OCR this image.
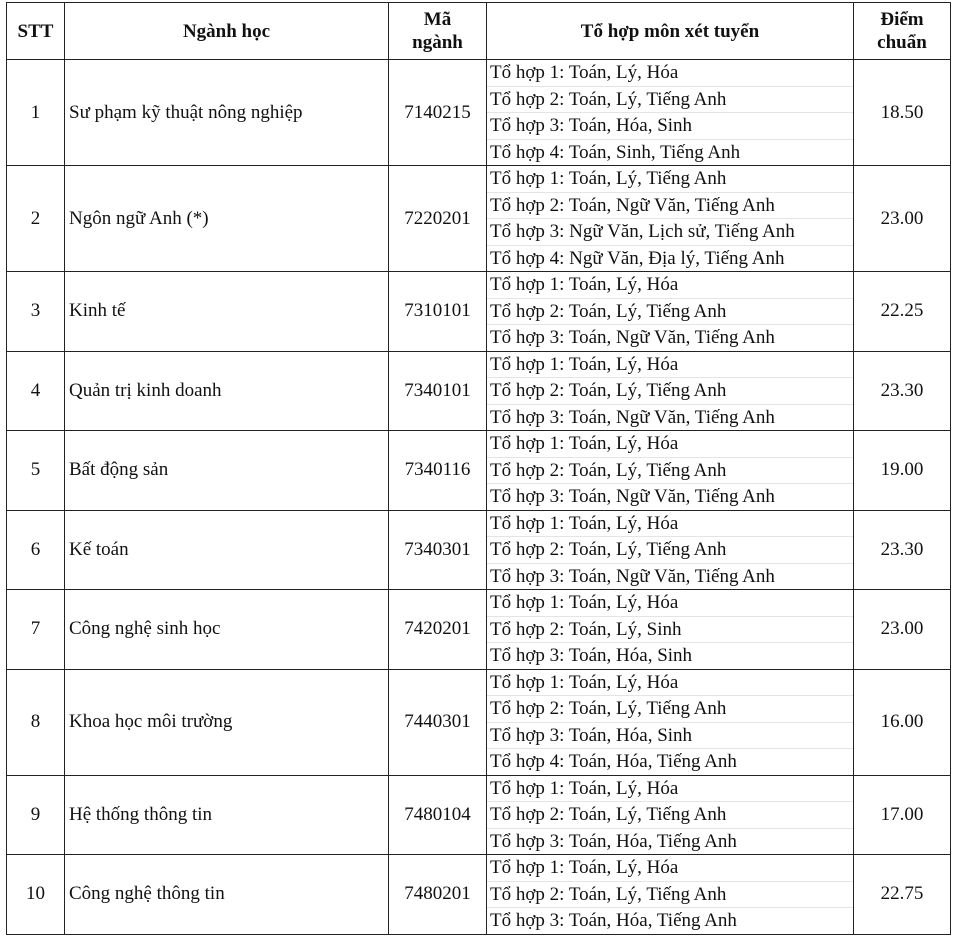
STT	Ngành học	Mã ngành	Tổ hợp môn xét tuyển	Điểm chuẩn
1	Sư phạm kỹ thuật nông nghiệp	7140215	Tổ hợp 1: Toán, Lý, Hóa
Tổ hợp 2: Toán, Lý, Tiếng Anh
Tổ hợp 3: Toán, Hóa, Sinh
Tổ hợp 4: Toán, Sinh, Tiếng Anh	18.50
2	Ngôn ngữ Anh (*)	7220201	Tổ hợp 1: Toán, Lý, Tiếng Anh
Tổ hợp 2: Toán, Ngữ Văn, Tiếng Anh
Tổ hợp 3: Ngữ Văn, Lịch sử, Tiếng Anh
Tổ hợp 4: Ngữ Văn, Địa lý, Tiếng Anh	23.00
3	Kinh tế	7310101	Tổ hợp 1: Toán, Lý, Hóa
Tổ hợp 2: Toán, Lý, Tiếng Anh
Tổ hợp 3: Toán, Ngữ Văn, Tiếng Anh	22.25
4	Quản trị kinh doanh	7340101	Tổ hợp 1: Toán, Lý, Hóa
Tổ hợp 2: Toán, Lý, Tiếng Anh
Tổ hợp 3: Toán, Ngữ Văn, Tiếng Anh	23.30
5	Bất động sản	7340116	Tổ hợp 1: Toán, Lý, Hóa
Tổ hợp 2: Toán, Lý, Tiếng Anh
Tổ hợp 3: Toán, Ngữ Văn, Tiếng Anh	19.00
6	Kế toán	7340301	Tổ hợp 1: Toán, Lý, Hóa
Tổ hợp 2: Toán, Lý, Tiếng Anh
Tổ hợp 3: Toán, Ngữ Văn, Tiếng Anh	23.30
7	Công nghệ sinh học	7420201	Tổ hợp 1: Toán, Lý, Hóa
Tổ hợp 2: Toán, Lý, Sinh
Tổ hợp 3: Toán, Hóa, Sinh	23.00
8	Khoa học môi trường	7440301	Tổ hợp 1: Toán, Lý, Hóa
Tổ hợp 2: Toán, Lý, Tiếng Anh
Tổ hợp 3: Toán, Hóa, Sinh
Tổ hợp 4: Toán, Hóa, Tiếng Anh	16.00
9	Hệ thống thông tin	7480104	Tổ hợp 1: Toán, Lý, Hóa
Tổ hợp 2: Toán, Lý, Tiếng Anh
Tổ hợp 3: Toán, Hóa, Tiếng Anh	17.00
10	Công nghệ thông tin	7480201	Tổ hợp 1: Toán, Lý, Hóa
Tổ hợp 2: Toán, Lý, Tiếng Anh
Tổ hợp 3: Toán, Hóa, Tiếng Anh	22.75
